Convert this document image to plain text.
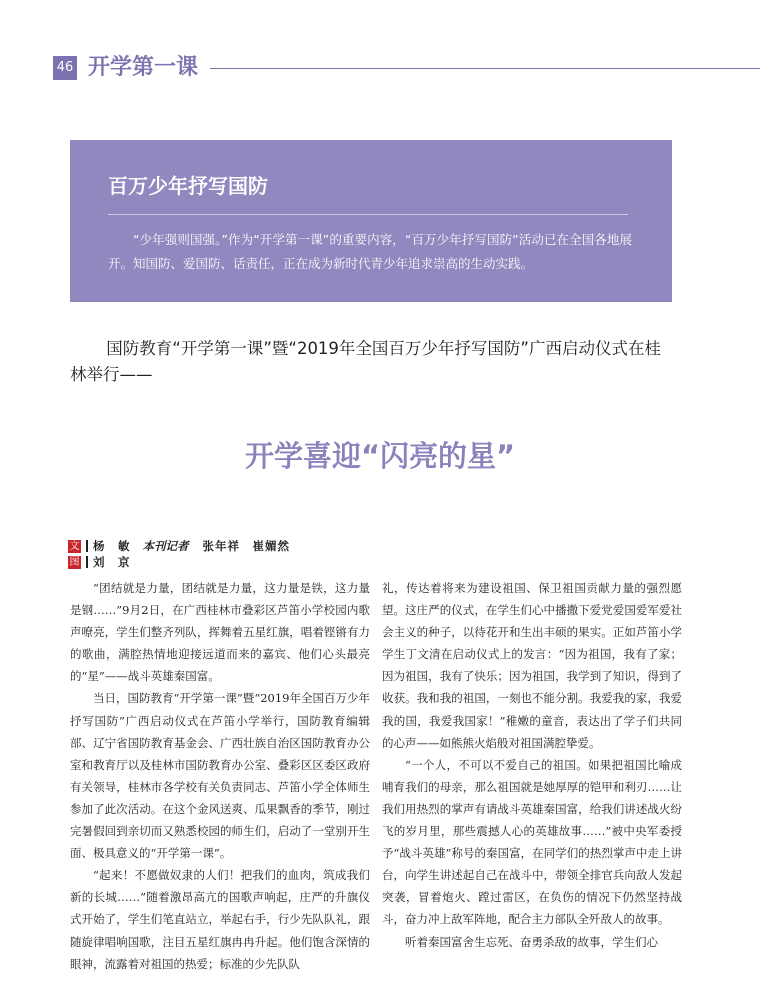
46 开学第一课
百万少年抒写国防
“少年强则国强。”作为“开学第一课”的重要内容，“百万少年抒写国防”活动已在全国各地展开。知国防、爱国防、话责任，正在成为新时代青少年追求崇高的生动实践。
国防教育“开学第一课”暨“2019年全国百万少年抒写国防”广西启动仪式在桂林举行——
开学喜迎“闪亮的星”
文 杨　敏 本刊记者 张年祥　崔媚然
图 刘　京

“团结就是力量，团结就是力量，这力量是铁，这力量是钢……”9月2日，在广西桂林市叠彩区芦笛小学校园内歌声嘹亮，学生们整齐列队，挥舞着五星红旗，唱着铿锵有力的歌曲，满腔热情地迎接远道而来的嘉宾、他们心头最亮的“星”——战斗英雄秦国富。

当日，国防教育“开学第一课”暨“2019年全国百万少年抒写国防”广西启动仪式在芦笛小学举行，国防教育编辑部、辽宁省国防教育基金会、广西壮族自治区国防教育办公室和教育厅以及桂林市国防教育办公室、叠彩区区委区政府有关领导，桂林市各学校有关负责同志、芦笛小学全体师生参加了此次活动。在这个金风送爽、瓜果飘香的季节，刚过完暑假回到亲切而又熟悉校园的师生们，启动了一堂别开生面、极具意义的“开学第一课”。

“起来！不愿做奴隶的人们！把我们的血肉，筑成我们新的长城……”随着激昂高亢的国歌声响起，庄严的升旗仪式开始了，学生们笔直站立，举起右手，行少先队队礼，跟随旋律唱响国歌，注目五星红旗冉冉升起。他们饱含深情的眼神，流露着对祖国的热爱；标准的少先队队

礼，传达着将来为建设祖国、保卫祖国贡献力量的强烈愿望。这庄严的仪式，在学生们心中播撒下爱党爱国爱军爱社会主义的种子，以待花开和生出丰硕的果实。正如芦笛小学学生丁文清在启动仪式上的发言：“因为祖国，我有了家；因为祖国，我有了快乐；因为祖国，我学到了知识，得到了收获。我和我的祖国，一刻也不能分割。我爱我的家，我爱我的国，我爱我国家！”稚嫩的童音，表达出了学子们共同的心声——如熊熊火焰般对祖国满腔挚爱。

“一个人，不可以不爱自己的祖国。如果把祖国比喻成哺育我们的母亲，那么祖国就是她厚厚的铠甲和利刃……让我们用热烈的掌声有请战斗英雄秦国富，给我们讲述战火纷飞的岁月里，那些震撼人心的英雄故事……”被中央军委授予“战斗英雄”称号的秦国富，在同学们的热烈掌声中走上讲台，向学生讲述起自己在战斗中，带领全排官兵向敌人发起突袭，冒着炮火、蹚过雷区，在负伤的情况下仍然坚持战斗，奋力冲上敌军阵地，配合主力部队全歼敌人的故事。

听着秦国富舍生忘死、奋勇杀敌的故事，学生们心
